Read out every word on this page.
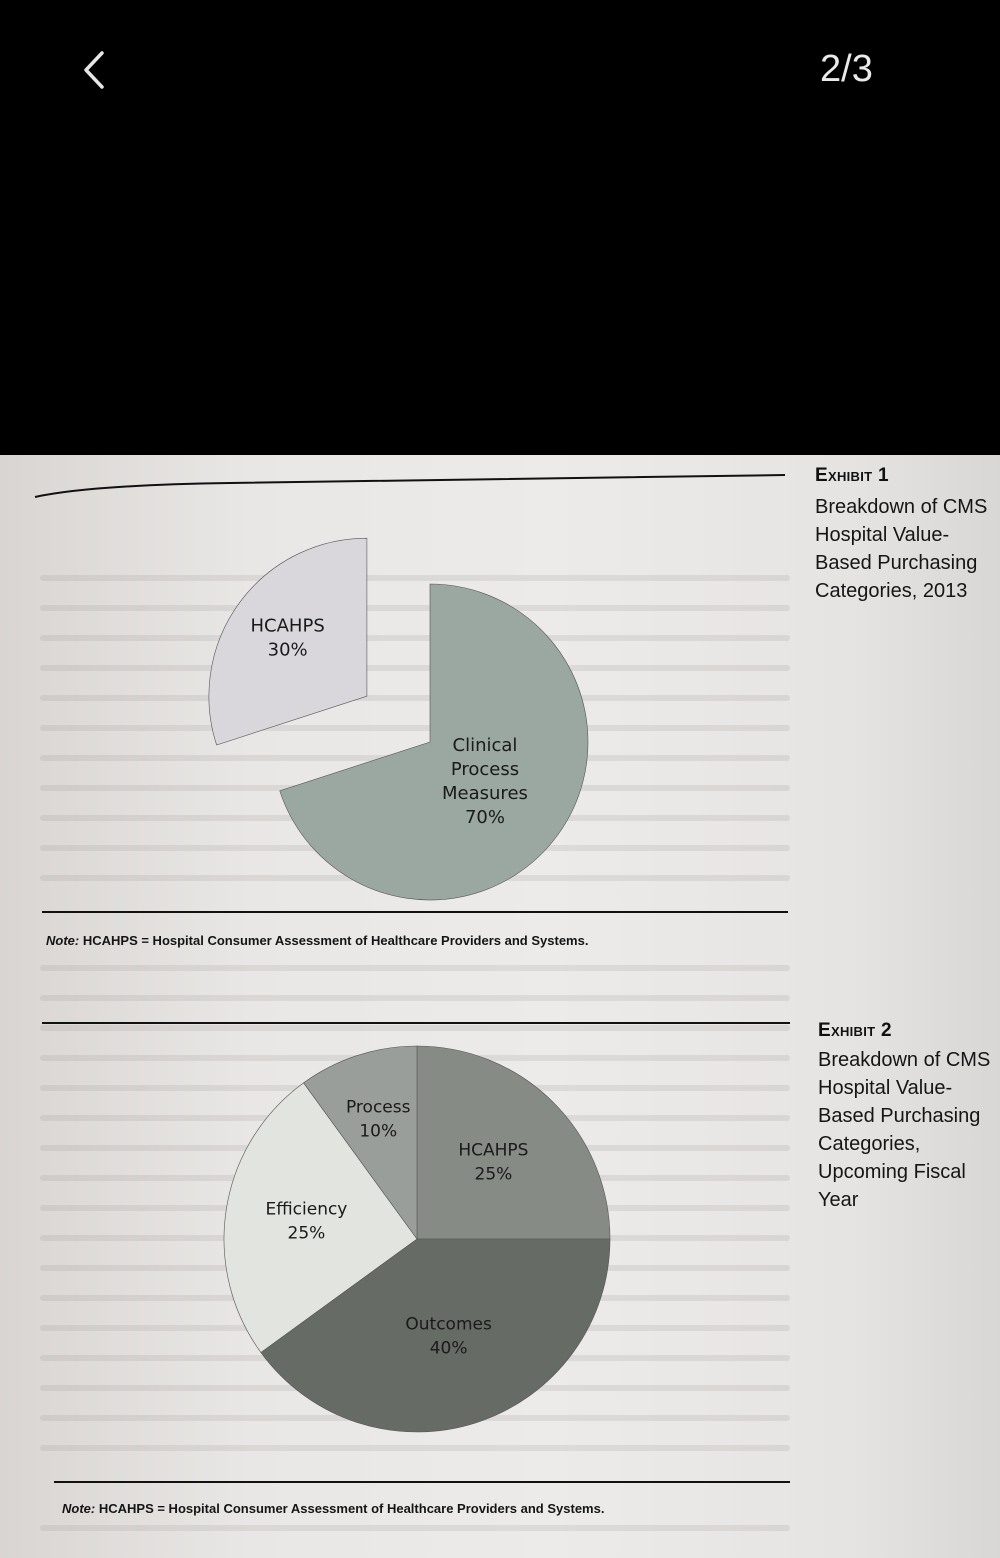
2/3
Exhibit 1
Breakdown of CMS Hospital Value-Based Purchasing Categories, 2013
HCAHPS
30%
Clinical
Process
Measures
70%
Note: HCAHPS = Hospital Consumer Assessment of Healthcare Providers and Systems.
Exhibit 2
Breakdown of CMS Hospital Value-Based Purchasing Categories, Upcoming Fiscal Year
HCAHPS
25%
Outcomes
40%
Efficiency
25%
Process
10%
Note: HCAHPS = Hospital Consumer Assessment of Healthcare Providers and Systems.
